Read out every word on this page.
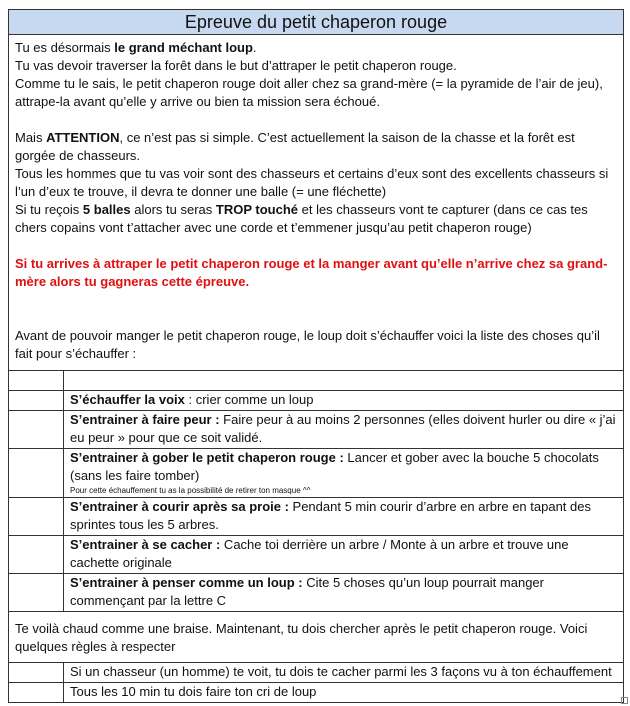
Epreuve du petit chaperon rouge

Tu es désormais le grand méchant loup.

Tu vas devoir traverser la forêt dans le but d’attraper le petit chaperon rouge.

Comme tu le sais, le petit chaperon rouge doit aller chez sa grand-mère (= la pyramide de l’air de jeu), attrape-la avant qu’elle y arrive ou bien ta mission sera échoué.

Mais ATTENTION, ce n’est pas si simple. C’est actuellement la saison de la chasse et la forêt est gorgée de chasseurs.

Tous les hommes que tu vas voir sont des chasseurs et certains d’eux sont des excellents chasseurs si l’un d’eux te trouve, il devra te donner une balle (= une fléchette)

Si tu reçois 5 balles alors tu seras TROP touché et les chasseurs vont te capturer (dans ce cas tes chers copains vont t’attacher avec une corde et t’emmener jusqu’au petit chaperon rouge)

Si tu arrives à attraper le petit chaperon rouge et la manger avant qu’elle n’arrive chez sa grand-mère alors tu gagneras cette épreuve.

Avant de pouvoir manger le petit chaperon rouge, le loup doit s’échauffer voici la liste des choses qu’il fait pour s’échauffer :

S’échauffer la voix : crier comme un loup
S’entrainer à faire peur : Faire peur à au moins 2 personnes (elles doivent hurler ou dire « j’ai eu peur » pour que ce soit validé.
S’entrainer à gober le petit chaperon rouge : Lancer et gober avec la bouche 5 chocolats (sans les faire tomber)
Pour cette échauffement tu as la possibilité de retirer ton masque ^^
S’entrainer à courir après sa proie : Pendant 5 min courir d’arbre en arbre en tapant des sprintes tous les 5 arbres.
S’entrainer à se cacher : Cache toi derrière un arbre / Monte à un arbre et trouve une cachette originale
S’entrainer à penser comme un loup : Cite 5 choses qu’un loup pourrait manger commençant par la lettre C
Te voilà chaud comme une braise. Maintenant, tu dois chercher après le petit chaperon rouge. Voici quelques règles à respecter
Si un chasseur (un homme) te voit, tu dois te cacher parmi les 3 façons vu à ton échauffement
Tous les 10 min tu dois faire ton cri de loup
